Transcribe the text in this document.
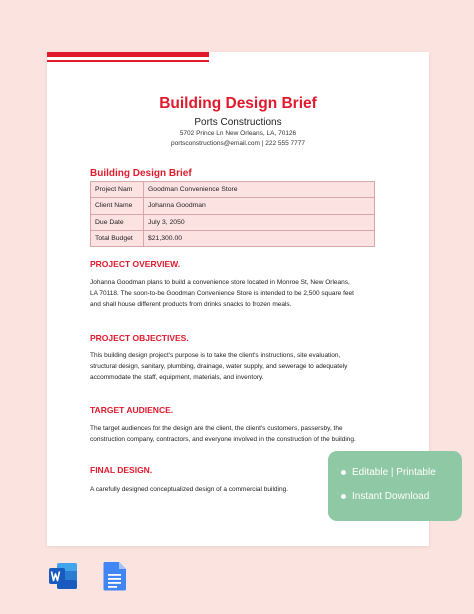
Building Design Brief
Ports Constructions
5702 Prince Ln New Orleans, LA, 70126
portsconstructions@email.com | 222 555 7777
Building Design Brief
Project Nam	Goodman Convenience Store
Client Name	Johanna Goodman
Due Date	July 3, 2050
Total Budget	$21,300.00
PROJECT OVERVIEW.
Johanna Goodman plans to build a convenience store located in Monroe St, New Orleans, LA 70118. The soon-to-be Goodman Convenience Store is intended to be 2,500 square feet and shall house different products from drinks snacks to frozen meals.
PROJECT OBJECTIVES.
This building design project's purpose is to take the client's instructions, site evaluation, structural design, sanitary, plumbing, drainage, water supply, and sewerage to adequately accommodate the staff, equipment, materials, and inventory.
TARGET AUDIENCE.
The target audiences for the design are the client, the client's customers, passersby, the construction company, contractors, and everyone involved in the construction of the building.
FINAL DESIGN.
A carefully designed conceptualized design of a commercial building.
Editable | Printable
Instant Download
